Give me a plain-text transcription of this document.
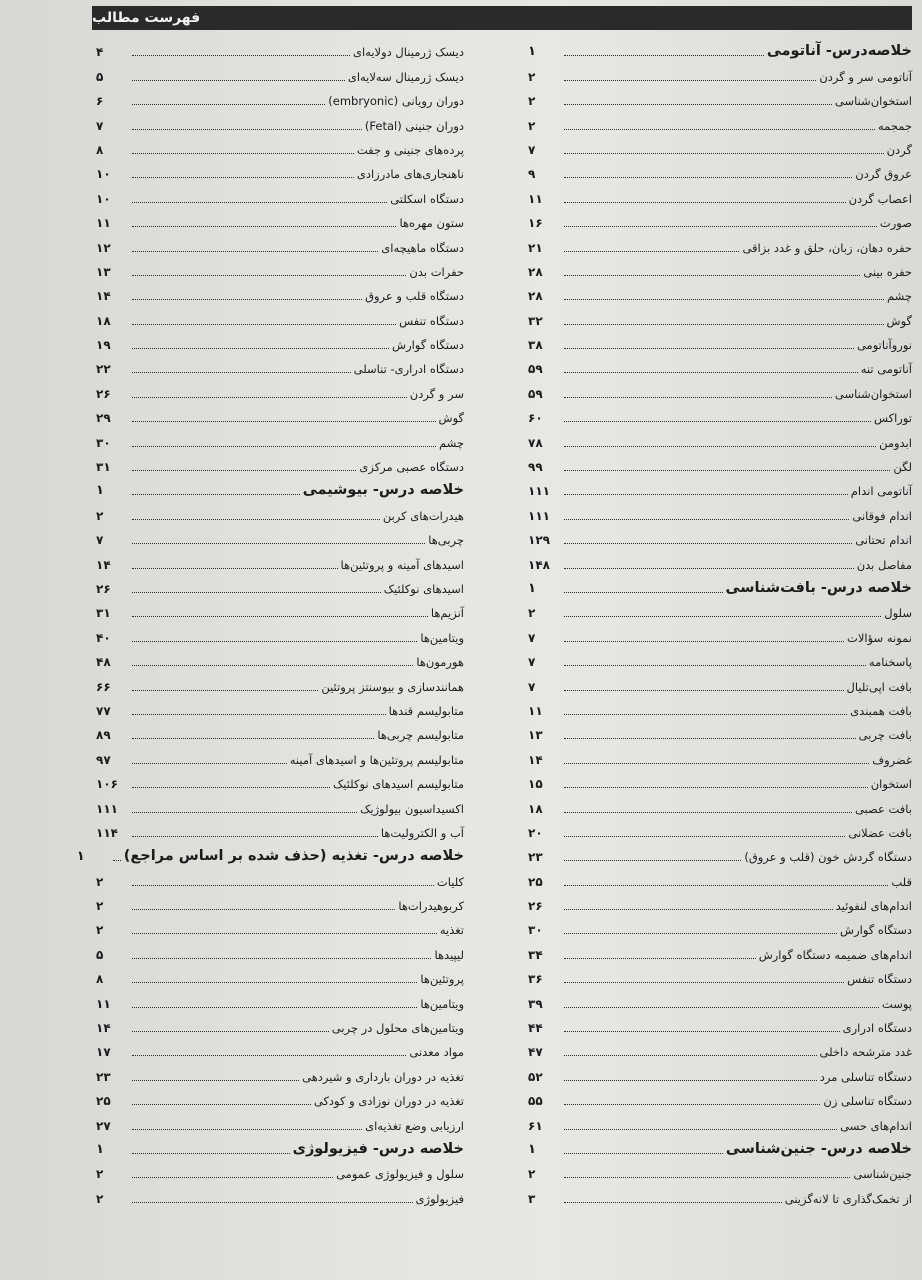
فهرست مطالب
خلاصه‌درس- آناتومی
۱
آناتومی سر و گردن
۲
استخوان‌شناسی
۲
جمجمه
۲
گردن
۷
عروق گردن
۹
اعصاب گردن
۱۱
صورت
۱۶
حفره دهان، زبان، حلق و غدد بزاقی
۲۱
حفره بینی
۲۸
چشم
۲۸
گوش
۳۲
نوروآناتومی
۳۸
آناتومی تنه
۵۹
استخوان‌شناسی
۵۹
توراکس
۶۰
ابدومن
۷۸
لگن
۹۹
آناتومی اندام
۱۱۱
اندام فوقانی
۱۱۱
اندام تحتانی
۱۲۹
مفاصل بدن
۱۴۸
خلاصه درس- بافت‌شناسی
۱
سلول
۲
نمونه سؤالات
۷
پاسخنامه
۷
بافت اپی‌تلیال
۷
بافت همبندی
۱۱
بافت چربی
۱۳
غضروف
۱۴
استخوان
۱۵
بافت عصبی
۱۸
بافت عضلانی
۲۰
دستگاه گردش خون (قلب و عروق)
۲۳
قلب
۲۵
اندام‌های لنفوئید
۲۶
دستگاه گوارش
۳۰
اندام‌های ضمیمه دستگاه گوارش
۳۴
دستگاه تنفس
۳۶
پوست
۳۹
دستگاه ادراری
۴۴
غدد مترشحه داخلی
۴۷
دستگاه تناسلی مرد
۵۲
دستگاه تناسلی زن
۵۵
اندام‌های حسی
۶۱
خلاصه درس- جنین‌شناسی
۱
جنین‌شناسی
۲
از تخمک‌گذاری تا لانه‌گزینی
۳
دیسک ژرمینال دولایه‌ای
۴
دیسک ژرمینال سه‌لایه‌ای
۵
دوران رویانی (embryonic)
۶
دوران جنینی (Fetal)
۷
پرده‌های جنینی و جفت
۸
ناهنجاری‌های مادرزادی
۱۰
دستگاه اسکلتی
۱۰
ستون مهره‌ها
۱۱
دستگاه ماهیچه‌ای
۱۲
حفرات بدن
۱۳
دستگاه قلب و عروق
۱۴
دستگاه تنفس
۱۸
دستگاه گوارش
۱۹
دستگاه ادراری- تناسلی
۲۲
سر و گردن
۲۶
گوش
۲۹
چشم
۳۰
دستگاه عصبی مرکزی
۳۱
خلاصه درس- بیوشیمی
۱
هیدرات‌های کربن
۲
چربی‌ها
۷
اسیدهای آمینه و پروتئین‌ها
۱۴
اسیدهای نوکلئیک
۲۶
آنزیم‌ها
۳۱
ویتامین‌ها
۴۰
هورمون‌ها
۴۸
همانندسازی و بیوسنتز پروتئین
۶۶
متابولیسم قندها
۷۷
متابولیسم چربی‌ها
۸۹
متابولیسم پروتئین‌ها و اسیدهای آمینه
۹۷
متابولیسم اسیدهای نوکلئیک
۱۰۶
اکسیداسیون بیولوژیک
۱۱۱
آب و الکترولیت‌ها
۱۱۴
خلاصه درس- تغذیه (حذف شده بر اساس مراجع)
۱
کلیات
۲
کربوهیدرات‌ها
۲
تغذیه
۲
لیپیدها
۵
پروتئین‌ها
۸
ویتامین‌ها
۱۱
ویتامین‌های محلول در چربی
۱۴
مواد معدنی
۱۷
تغذیه در دوران بارداری و شیردهی
۲۳
تغذیه در دوران نوزادی و کودکی
۲۵
ارزیابی وضع تغذیه‌ای
۲۷
خلاصه درس- فیزیولوژی
۱
سلول و فیزیولوژی عمومی
۲
فیزیولوژی
۲
